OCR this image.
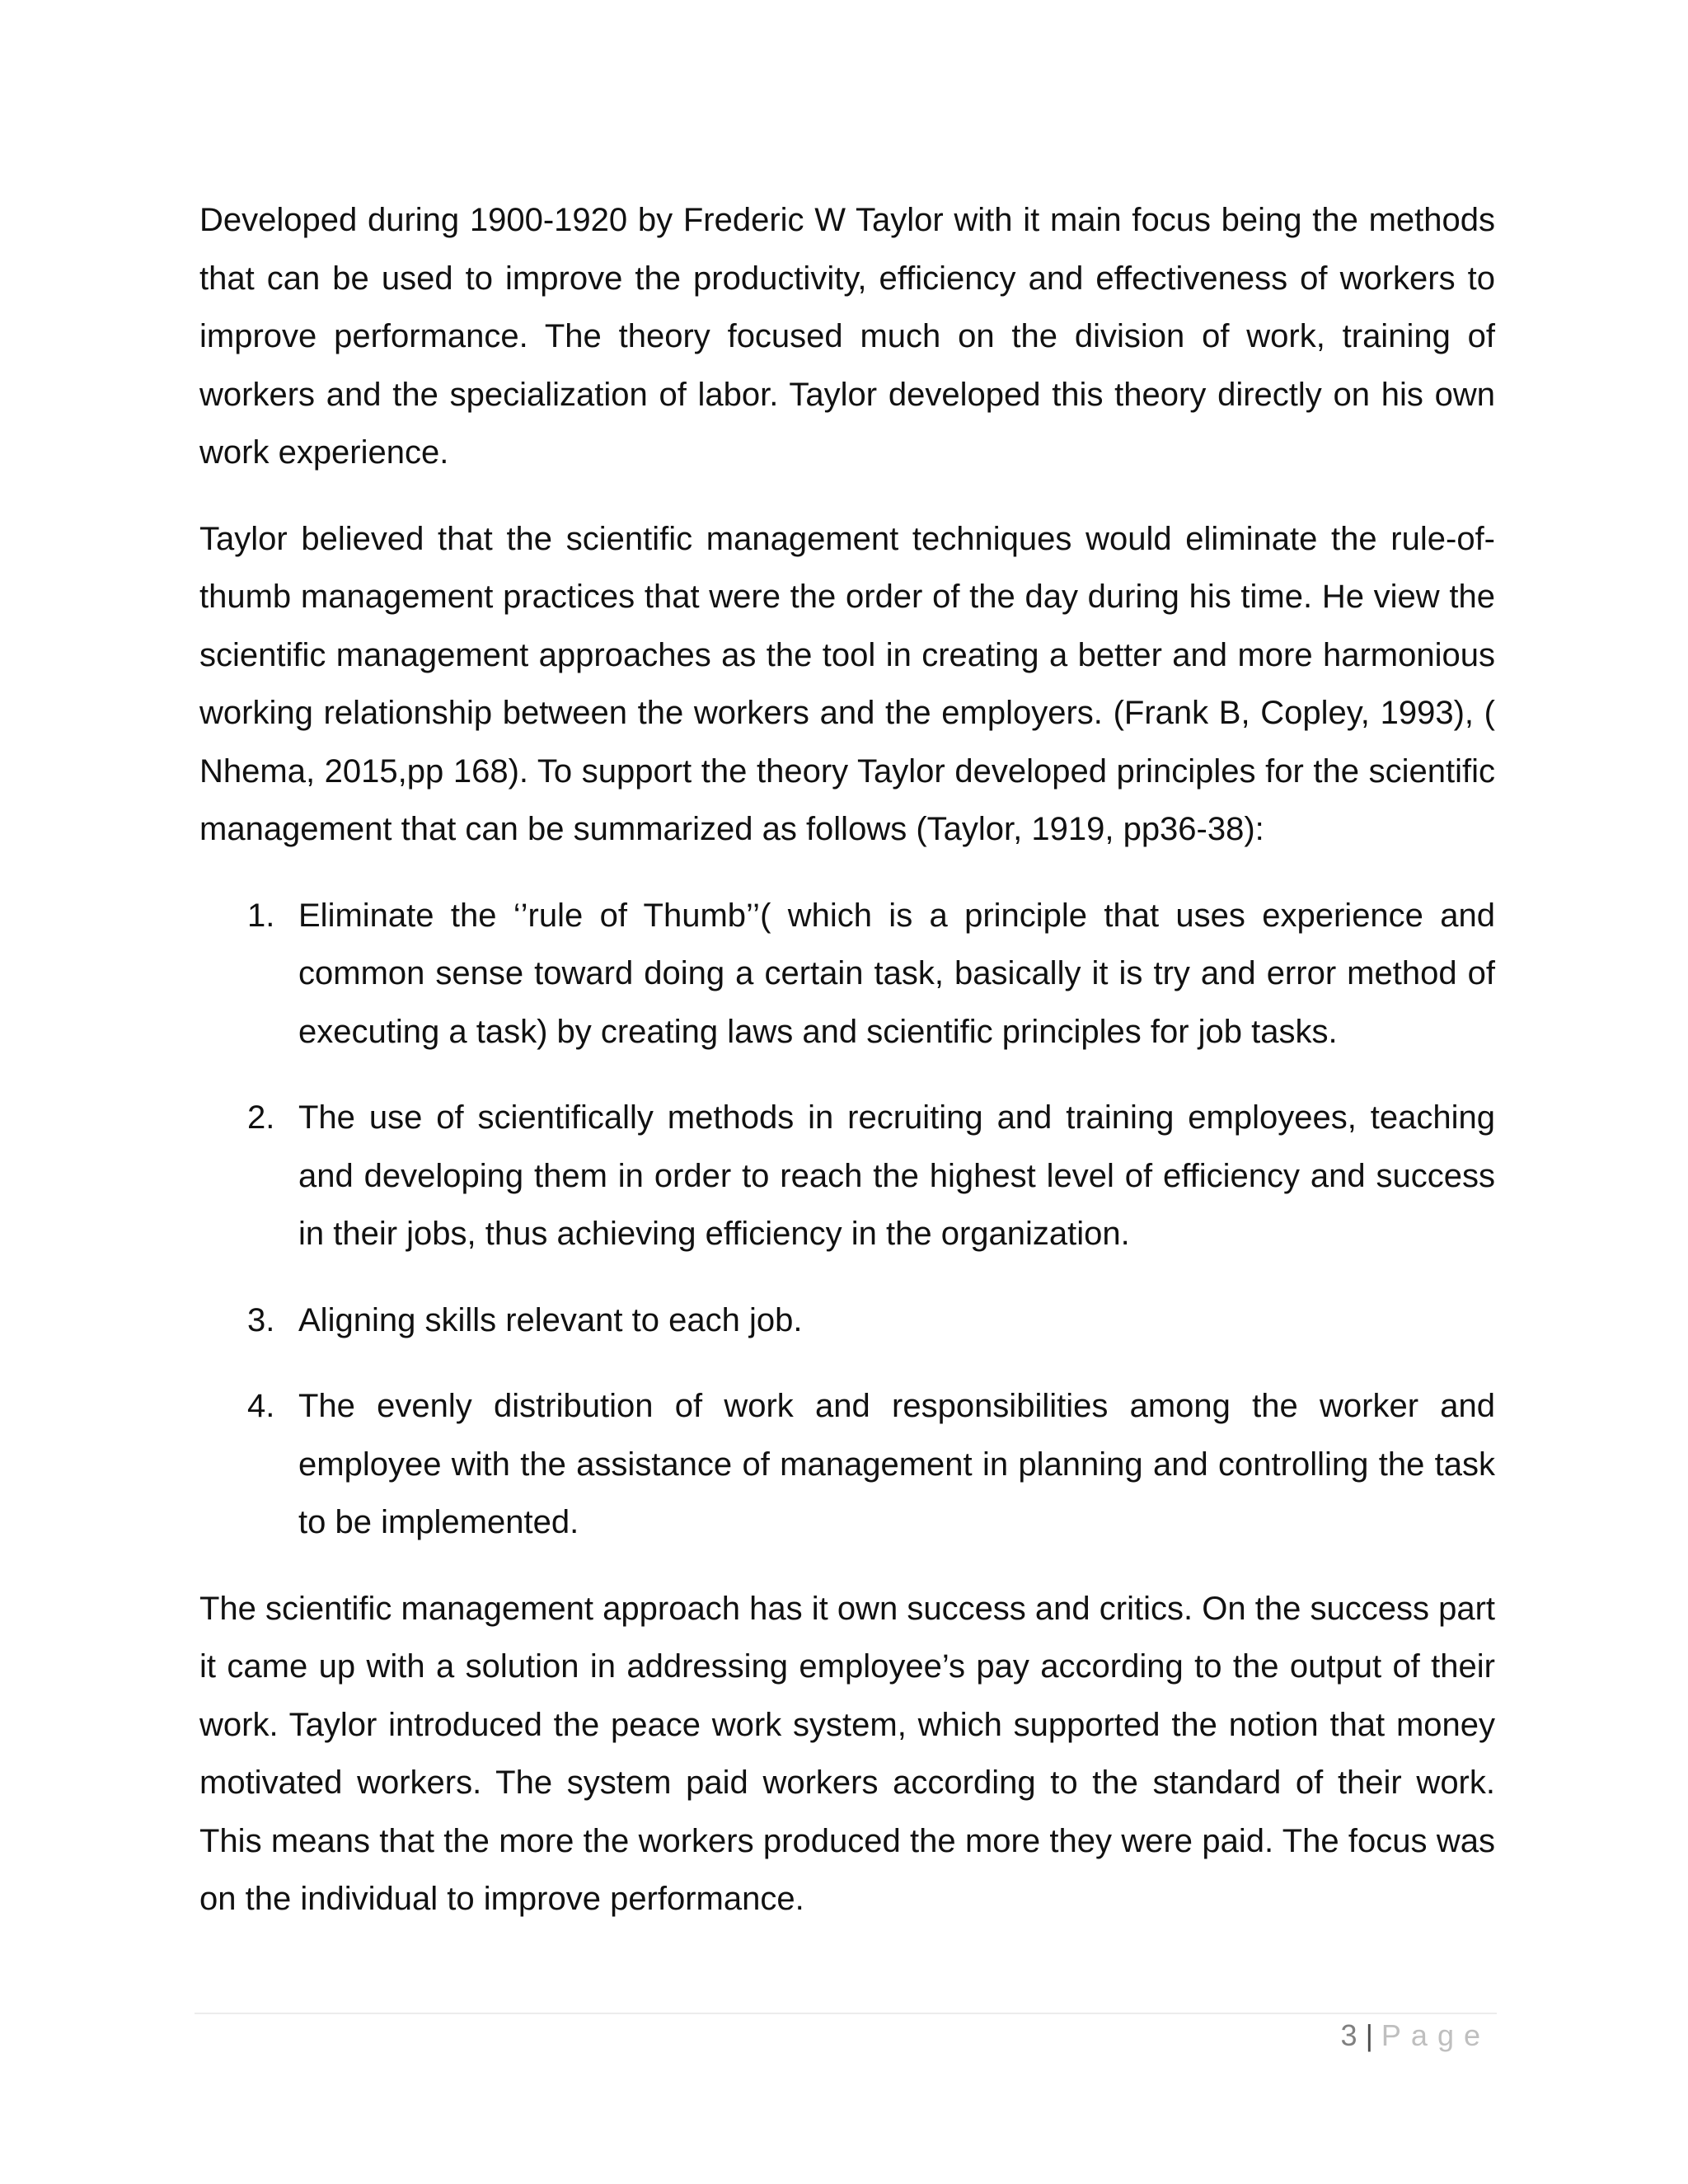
Developed during 1900-1920 by Frederic W Taylor with it main focus being the methods that can be used to improve the productivity, efficiency and effectiveness of workers to improve performance. The theory focused much on the division of work, training of workers and the specialization of labor. Taylor developed this theory directly on his own work experience.

Taylor believed that the scientific management techniques would eliminate the rule-of-thumb management practices that were the order of the day during his time. He view the scientific management approaches as the tool in creating a better and more harmonious working relationship between the workers and the employers. (Frank B, Copley, 1993), ( Nhema, 2015,pp 168). To support the theory Taylor developed principles for the scientific management that can be summarized as follows (Taylor, 1919, pp36-38):

1. Eliminate the ‘’rule of Thumb’’( which is a principle that uses experience and common sense toward doing a certain task, basically it is try and error method of executing a task) by creating laws and scientific principles for job tasks.
2. The use of scientifically methods in recruiting and training employees, teaching and developing them in order to reach the highest level of efficiency and success in their jobs, thus achieving efficiency in the organization.
3. Aligning skills relevant to each job.
4. The evenly distribution of work and responsibilities among the worker and employee with the assistance of management in planning and controlling the task to be implemented.

The scientific management approach has it own success and critics. On the success part it came up with a solution in addressing employee’s pay according to the output of their work. Taylor introduced the peace work system, which supported the notion that money motivated workers. The system paid workers according to the standard of their work. This means that the more the workers produced the more they were paid. The focus was on the individual to improve performance.

3 | Page
